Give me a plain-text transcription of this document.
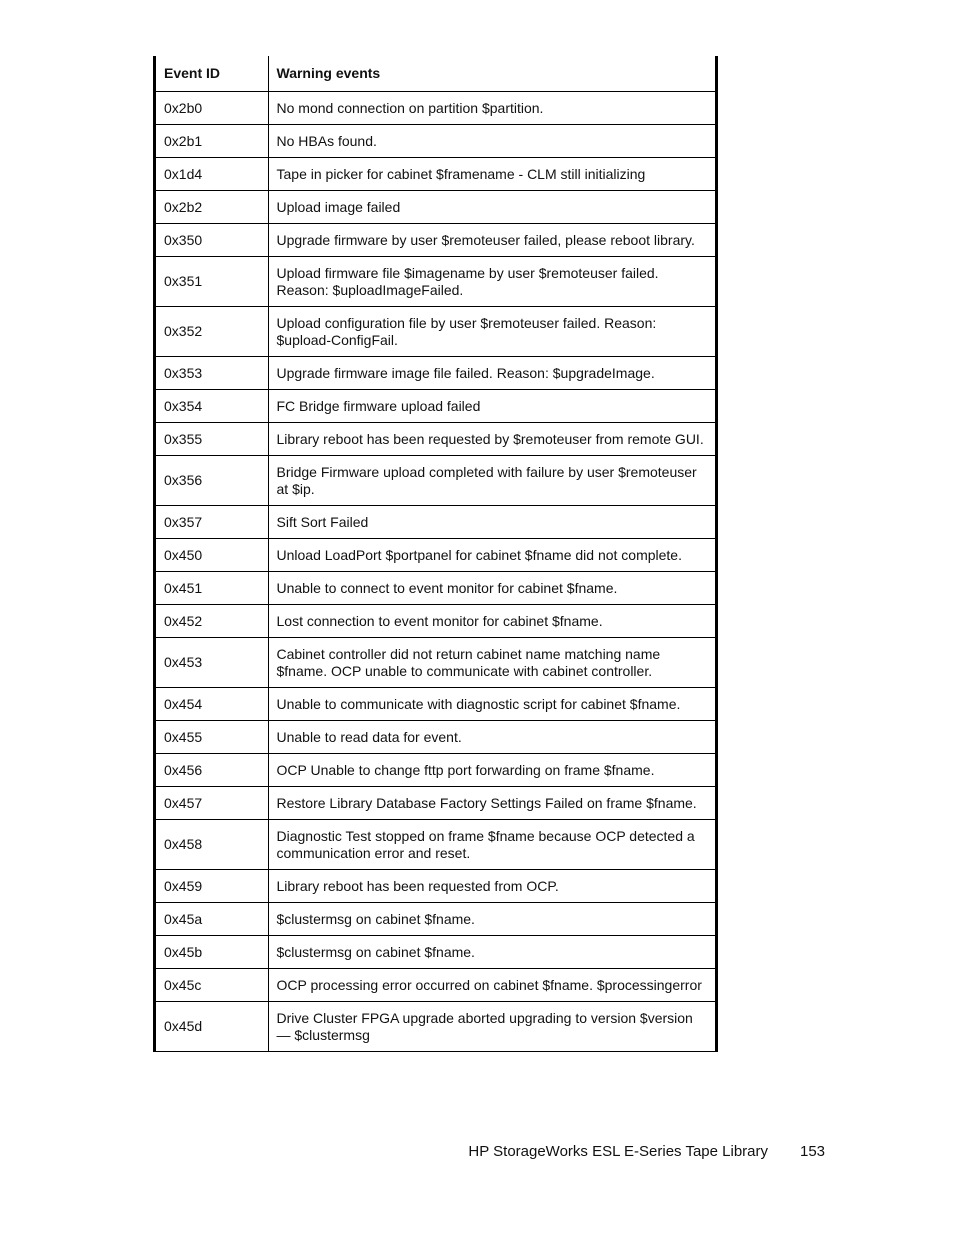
Event ID	Warning events
0x2b0	No mond connection on partition $partition.
0x2b1	No HBAs found.
0x1d4	Tape in picker for cabinet $framename - CLM still initializing
0x2b2	Upload image failed
0x350	Upgrade firmware by user $remoteuser failed, please reboot library.
0x351	Upload firmware file $imagename by user $remoteuser failed. Reason: $uploadImageFailed.
0x352	Upload configuration file by user $remoteuser failed. Reason: $upload-ConfigFail.
0x353	Upgrade firmware image file failed. Reason: $upgradeImage.
0x354	FC Bridge firmware upload failed
0x355	Library reboot has been requested by $remoteuser from remote GUI.
0x356	Bridge Firmware upload completed with failure by user $remoteuser at $ip.
0x357	Sift Sort Failed
0x450	Unload LoadPort $portpanel for cabinet $fname did not complete.
0x451	Unable to connect to event monitor for cabinet $fname.
0x452	Lost connection to event monitor for cabinet $fname.
0x453	Cabinet controller did not return cabinet name matching name $fname. OCP unable to communicate with cabinet controller.
0x454	Unable to communicate with diagnostic script for cabinet $fname.
0x455	Unable to read data for event.
0x456	OCP Unable to change fttp port forwarding on frame $fname.
0x457	Restore Library Database Factory Settings Failed on frame $fname.
0x458	Diagnostic Test stopped on frame $fname because OCP detected a communication error and reset.
0x459	Library reboot has been requested from OCP.
0x45a	$clustermsg on cabinet $fname.
0x45b	$clustermsg on cabinet $fname.
0x45c	OCP processing error occurred on cabinet $fname. $processingerror
0x45d	Drive Cluster FPGA upgrade aborted upgrading to version $version — $clustermsg
HP StorageWorks ESL E-Series Tape Library 153
